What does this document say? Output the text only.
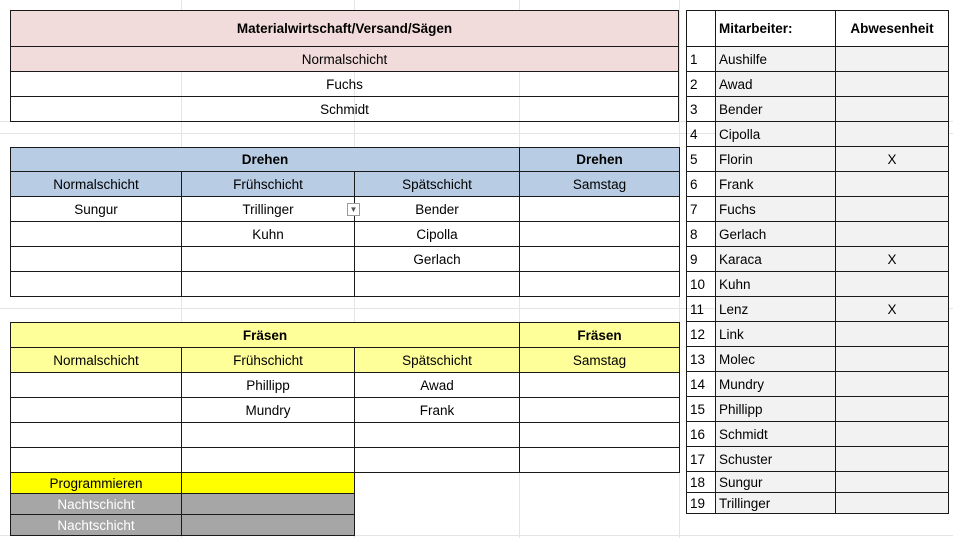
Materialwirtschaft/Versand/Sägen
Normalschicht
Fuchs
Schmidt
Drehen			Drehen
Normalschicht	Frühschicht	Spätschicht	Samstag
Sungur	Trillinger ▼	Bender	
	Kuhn	Cipolla	
		Gerlach	

Fräsen			Fräsen
Normalschicht	Frühschicht	Spätschicht	Samstag
	Phillipp	Awad	
	Mundry	Frank	

Programmieren	
Nachtschicht	
Nachtschicht	
	Mitarbeiter:	Abwesenheit
1	Aushilfe	
2	Awad	
3	Bender	
4	Cipolla	
5	Florin	X
6	Frank	
7	Fuchs	
8	Gerlach	
9	Karaca	X
10	Kuhn	
11	Lenz	X
12	Link	
13	Molec	
14	Mundry	
15	Phillipp	
16	Schmidt	
17	Schuster	
18	Sungur	
19	Trillinger	
